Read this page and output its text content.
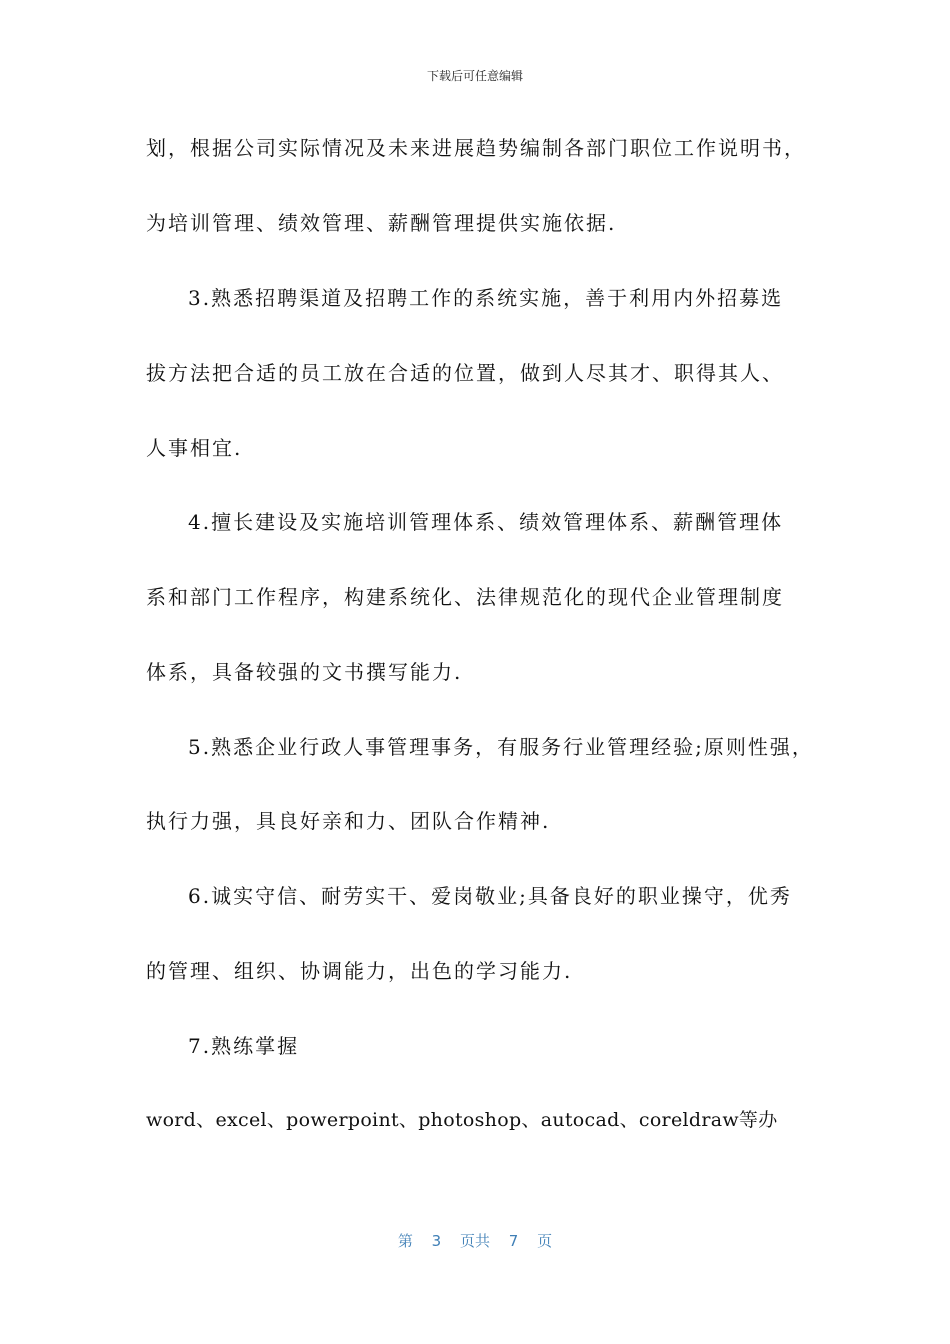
下载后可任意编辑
划，根据公司实际情况及未来进展趋势编制各部门职位工作说明书，
为培训管理、绩效管理、薪酬管理提供实施依据.
3.熟悉招聘渠道及招聘工作的系统实施，善于利用内外招募选
拔方法把合适的员工放在合适的位置，做到人尽其才、职得其人、
人事相宜.
4.擅长建设及实施培训管理体系、绩效管理体系、薪酬管理体
系和部门工作程序，构建系统化、法律规范化的现代企业管理制度
体系，具备较强的文书撰写能力.
5.熟悉企业行政人事管理事务，有服务行业管理经验;原则性强，
执行力强，具良好亲和力、团队合作精神.
6.诚实守信、耐劳实干、爱岗敬业;具备良好的职业操守，优秀
的管理、组织、协调能力，出色的学习能力.
7.熟练掌握
word、excel、powerpoint、photoshop、autocad、coreldraw等办
第 3 页共 7 页
